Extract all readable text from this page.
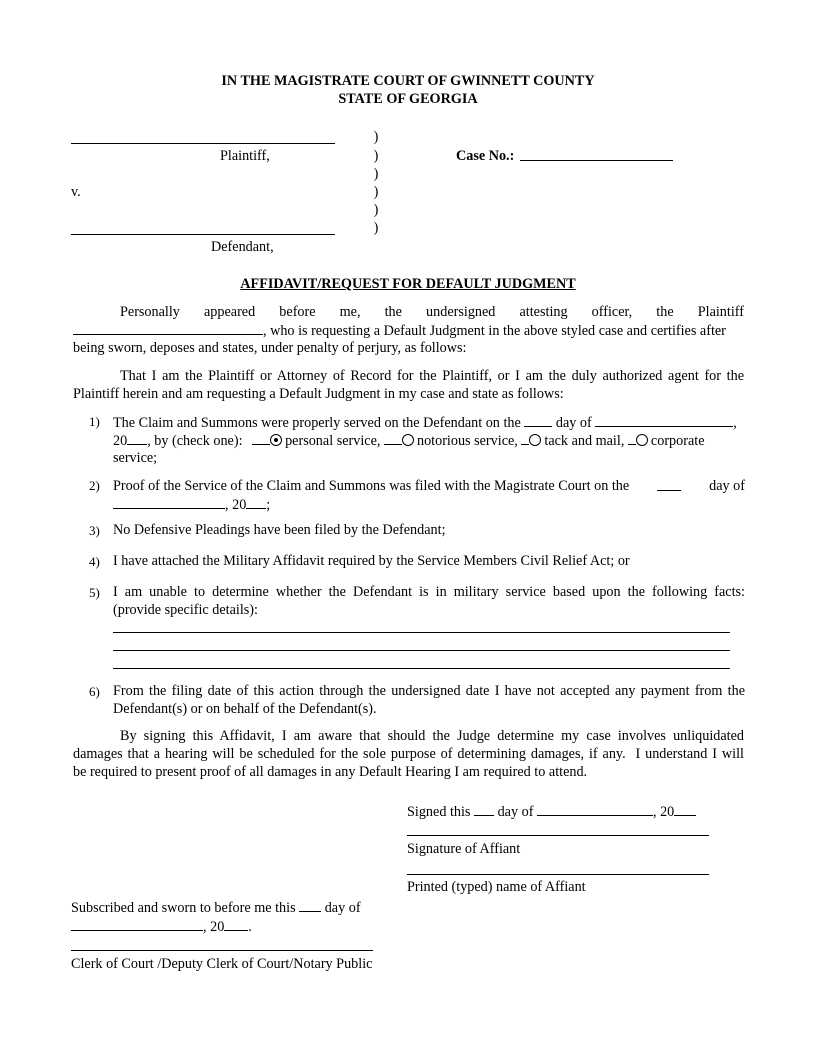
IN THE MAGISTRATE COURT OF GWINNETT COUNTY
STATE OF GEORGIA
Plaintiff,
v.
Defendant,
)
)
)
)
)
)
Case No.:
AFFIDAVIT/REQUEST FOR DEFAULT JUDGMENT
Personally appeared before me, the undersigned attesting officer, the Plaintiff
, who is requesting a Default Judgment in the above styled case and certifies after
being sworn, deposes and states, under penalty of perjury, as follows:
That I am the Plaintiff or Attorney of Record for the Plaintiff, or I am the duly authorized agent for the
Plaintiff herein and am requesting a Default Judgment in my case and state as follows:
1) The Claim and Summons were properly served on the Defendant on the day of	,
20 , by (check one):	personal service,	notorious service, tack and mail, corporate
service;
2) Proof of the Service of the Claim and Summons was filed with the Magistrate Court on the	day of
, 20 ;
3) No Defensive Pleadings have been filed by the Defendant;
4) I have attached the Military Affidavit required by the Service Members Civil Relief Act; or
5) I am unable to determine whether the Defendant is in military service based upon the following facts:
(provide specific details):
6) From the filing date of this action through the undersigned date I have not accepted any payment from the
Defendant(s) or on behalf of the Defendant(s).
By signing this Affidavit, I am aware that should the Judge determine my case involves unliquidated
damages that a hearing will be scheduled for the sole purpose of determining damages, if any.  I understand I will
be required to present proof of all damages in any Default Hearing I am required to attend.
Signed this day of	, 20
Signature of Affiant
Printed (typed) name of Affiant
Subscribed and sworn to before me this day of
, 20 .
Clerk of Court /Deputy Clerk of Court/Notary Public
